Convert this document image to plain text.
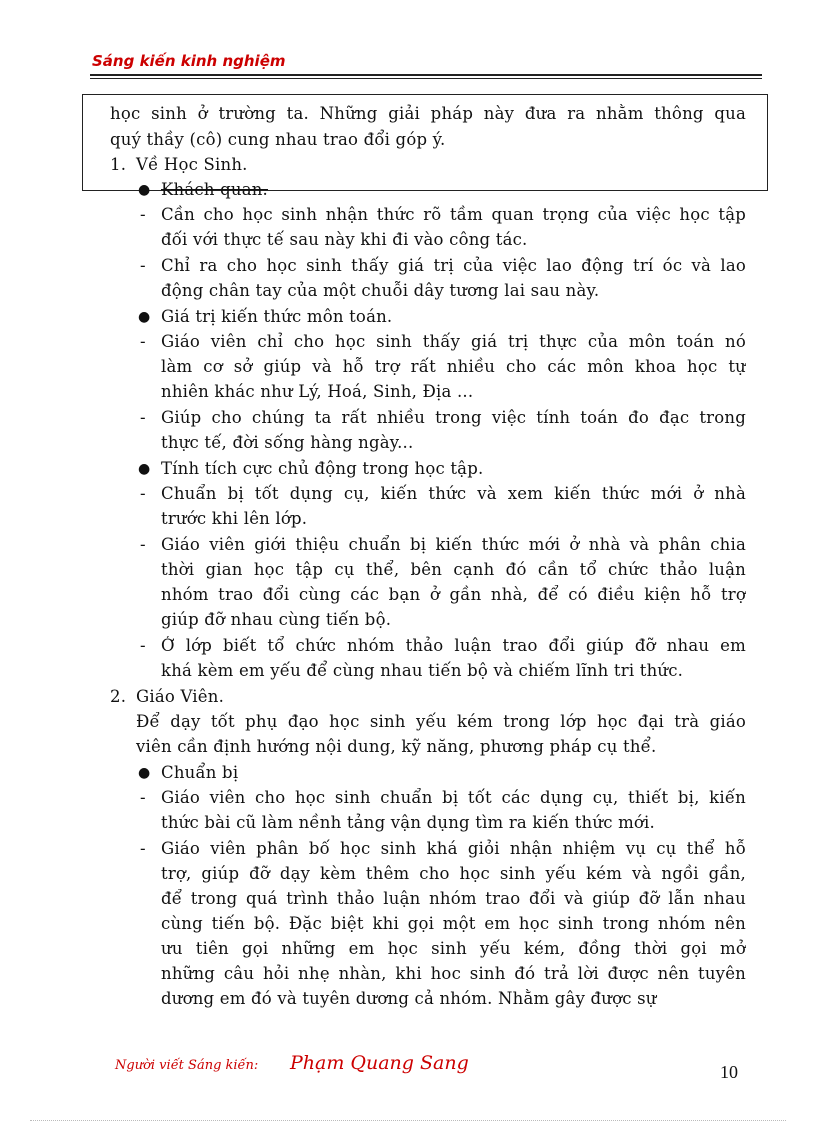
Sáng kiến kinh nghiệm
học sinh ở trường ta. Những giải pháp này đưa ra nhằm thông qua
quý thầy (cô) cung nhau trao đổi góp ý.
1. Về Học Sinh.
● Khách quan.
- Cần cho học sinh nhận thức rõ tầm quan trọng của việc học tập
đối với thực tế sau này khi đi vào công tác.
- Chỉ ra cho học sinh thấy giá trị của việc lao động trí óc và lao
động chân tay của một chuỗi dây tương lai sau này.
● Giá trị kiến thức môn toán.
- Giáo viên chỉ cho học sinh thấy giá trị thực của môn toán nó
làm cơ sở giúp và hỗ trợ rất nhiều cho các môn khoa học tự
nhiên khác như Lý, Hoá, Sinh, Địa ...
- Giúp cho chúng ta rất nhiều trong việc tính toán đo đạc trong
thực tế, đời sống hàng ngày...
● Tính tích cực chủ động trong học tập.
- Chuẩn bị tốt dụng cụ, kiến thức và xem kiến thức mới ở nhà
trước khi lên lớp.
- Giáo viên giới thiệu chuẩn bị kiến thức mới ở nhà và phân chia
thời gian học tập cụ thể, bên cạnh đó cần tổ chức thảo luận
nhóm trao đổi cùng các bạn ở gần nhà, để có điều kiện hỗ trợ
giúp đỡ nhau cùng tiến bộ.
- Ở lớp biết tổ chức nhóm thảo luận trao đổi giúp đỡ nhau em
khá kèm em yếu để cùng nhau tiến bộ và chiếm lĩnh tri thức.
2. Giáo Viên.
Để dạy tốt phụ đạo học sinh yếu kém trong lớp học đại trà giáo
viên cần định hướng nội dung, kỹ năng, phương pháp cụ thể.
● Chuẩn bị
- Giáo viên cho học sinh chuẩn bị tốt các dụng cụ, thiết bị, kiến
thức bài cũ làm nềnh tảng vận dụng tìm ra kiến thức mới.
- Giáo viên phân bố học sinh khá giỏi nhận nhiệm vụ cụ thể hỗ
trợ, giúp đỡ dạy kèm thêm cho học sinh yếu kém và ngồi gần,
để trong quá trình thảo luận nhóm trao đổi và giúp đỡ lẫn nhau
cùng tiến bộ. Đặc biệt khi gọi một em học sinh trong nhóm nên
ưu tiên gọi những em học sinh yếu kém, đồng thời gọi mở
những câu hỏi nhẹ nhàn, khi hoc sinh đó trả lời được nên tuyên
dương em đó và tuyên dương cả nhóm. Nhằm gây được sự
Người viết Sáng kiến: Phạm Quang Sang	10
